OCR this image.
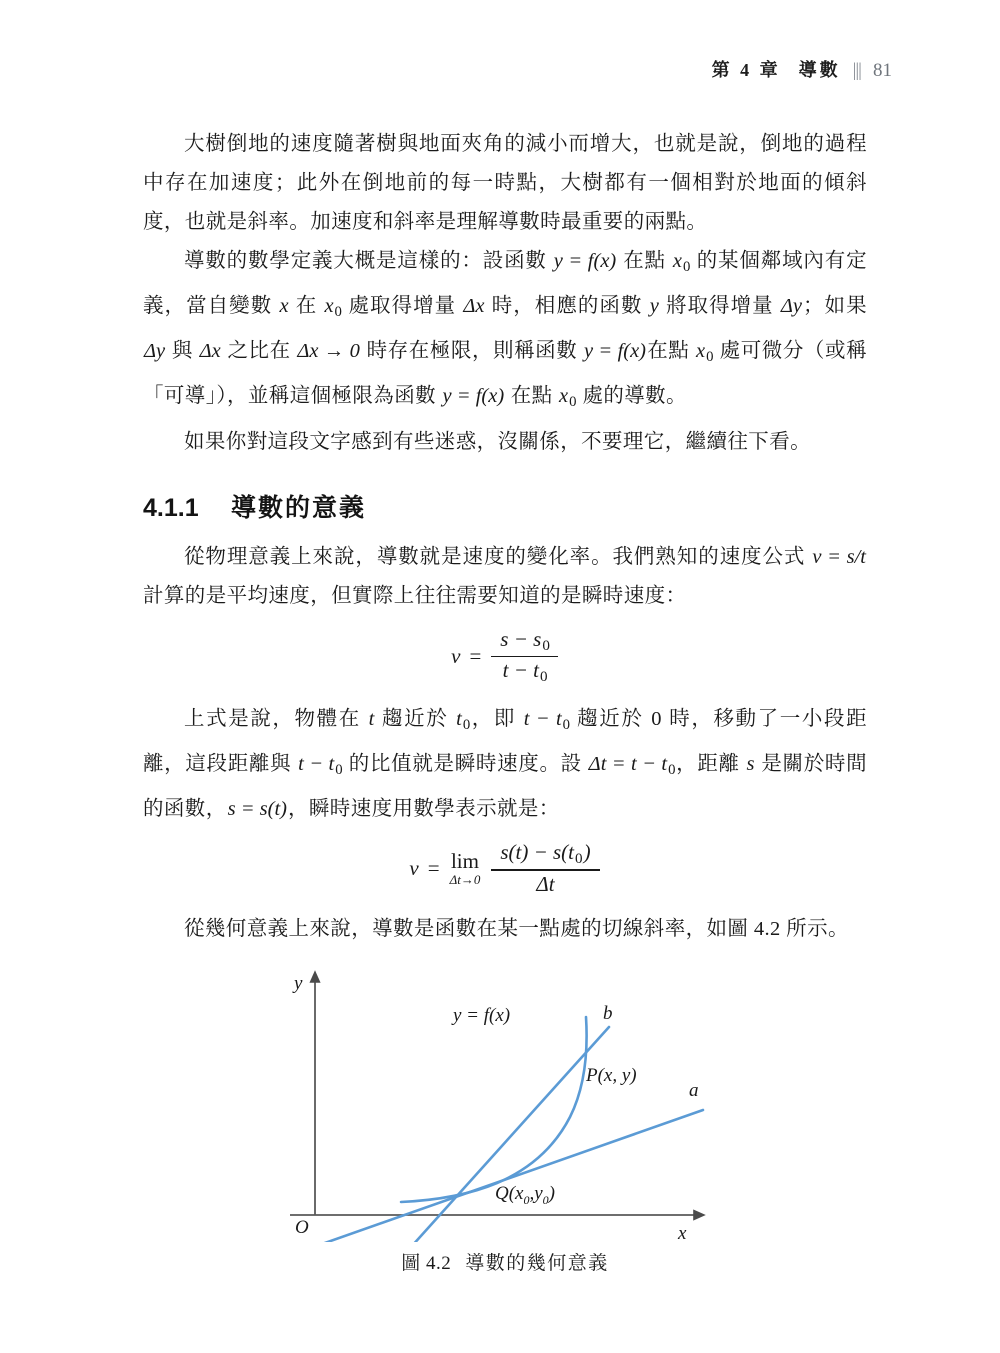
第 4 章 導數 ||| 81

大樹倒地的速度隨著樹與地面夾角的減小而增大，也就是說，倒地的過程中存在加速度；此外在倒地前的每一時點，大樹都有一個相對於地面的傾斜度，也就是斜率。加速度和斜率是理解導數時最重要的兩點。

導數的數學定義大概是這樣的：設函數 y = f(x) 在點 $x_0$ 的某個鄰域內有定義，當自變數 x 在 $x_0$ 處取得增量 Δx 時，相應的函數 y 將取得增量 Δy；如果 Δy 與 Δx 之比在 Δx → 0 時存在極限，則稱函數 y = f(x)在點 $x_0$ 處可微分（或稱「可導」），並稱這個極限為函數 y = f(x) 在點 $x_0$ 處的導數。

如果你對這段文字感到有些迷惑，沒關係，不要理它，繼續往下看。

4.1.1	導數的意義

從物理意義上來說，導數就是速度的變化率。我們熟知的速度公式 v = s/t 計算的是平均速度，但實際上往往需要知道的是瞬時速度：

$v = \frac{s - s_0}{t - t_0}$

上式是說，物體在 t 趨近於 $t_0$，即 $t - t_0$ 趨近於 0 時，移動了一小段距離，這段距離與 $t - t_0$ 的比值就是瞬時速度。設 $\Delta t = t - t_0$，距離 s 是關於時間的函數，s = s(t)，瞬時速度用數學表示就是：

v = lim
$\Delta t\to 0 \frac{s(t) - s(t_0)}{\Delta t}$

從幾何意義上來說，導數是函數在某一點處的切線斜率，如圖 4.2 所示。

y = f(x)	b
a
P(x, y)
$Q(x_0,y_0)$
y
x
O
圖 4.2 導數的幾何意義
